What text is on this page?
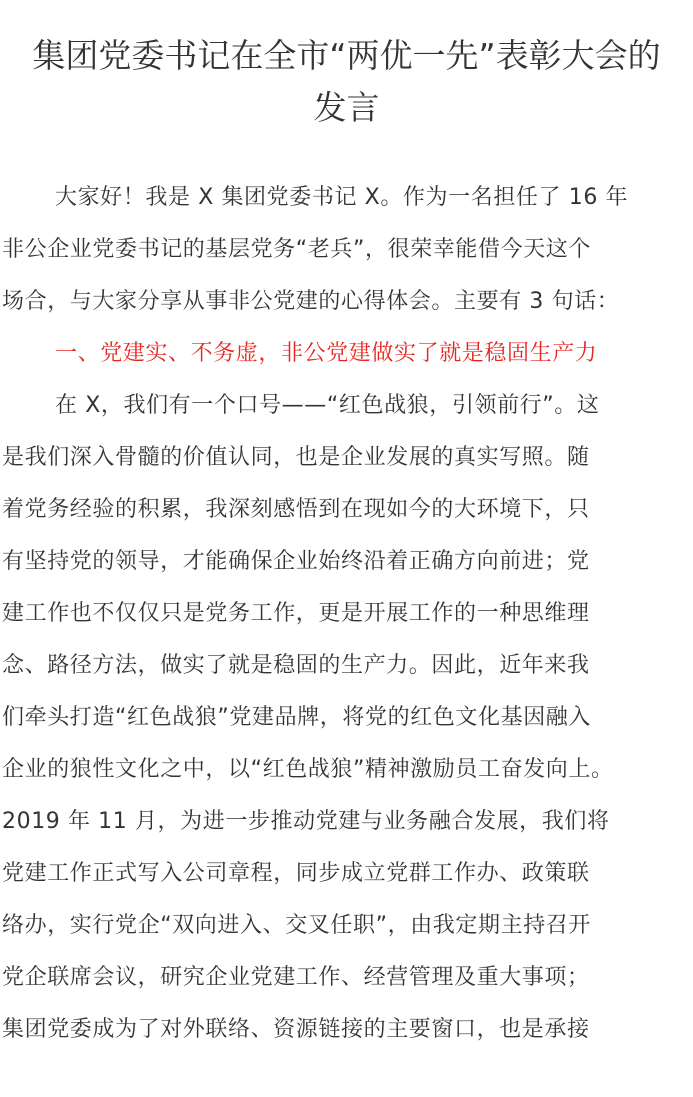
集团党委书记在全市“两优一先”表彰大会的
发言
大家好！我是 X 集团党委书记 X。作为一名担任了 16 年
非公企业党委书记的基层党务“老兵”，很荣幸能借今天这个
场合，与大家分享从事非公党建的心得体会。主要有 3 句话：
一、党建实、不务虚，非公党建做实了就是稳固生产力
在 X，我们有一个口号——“红色战狼，引领前行”。这
是我们深入骨髓的价值认同，也是企业发展的真实写照。随
着党务经验的积累，我深刻感悟到在现如今的大环境下，只
有坚持党的领导，才能确保企业始终沿着正确方向前进；党
建工作也不仅仅只是党务工作，更是开展工作的一种思维理
念、路径方法，做实了就是稳固的生产力。因此，近年来我
们牵头打造“红色战狼”党建品牌，将党的红色文化基因融入
企业的狼性文化之中，以“红色战狼”精神激励员工奋发向上。
2019 年 11 月，为进一步推动党建与业务融合发展，我们将
党建工作正式写入公司章程，同步成立党群工作办、政策联
络办，实行党企“双向进入、交叉任职”，由我定期主持召开
党企联席会议，研究企业党建工作、经营管理及重大事项；
集团党委成为了对外联络、资源链接的主要窗口，也是承接
